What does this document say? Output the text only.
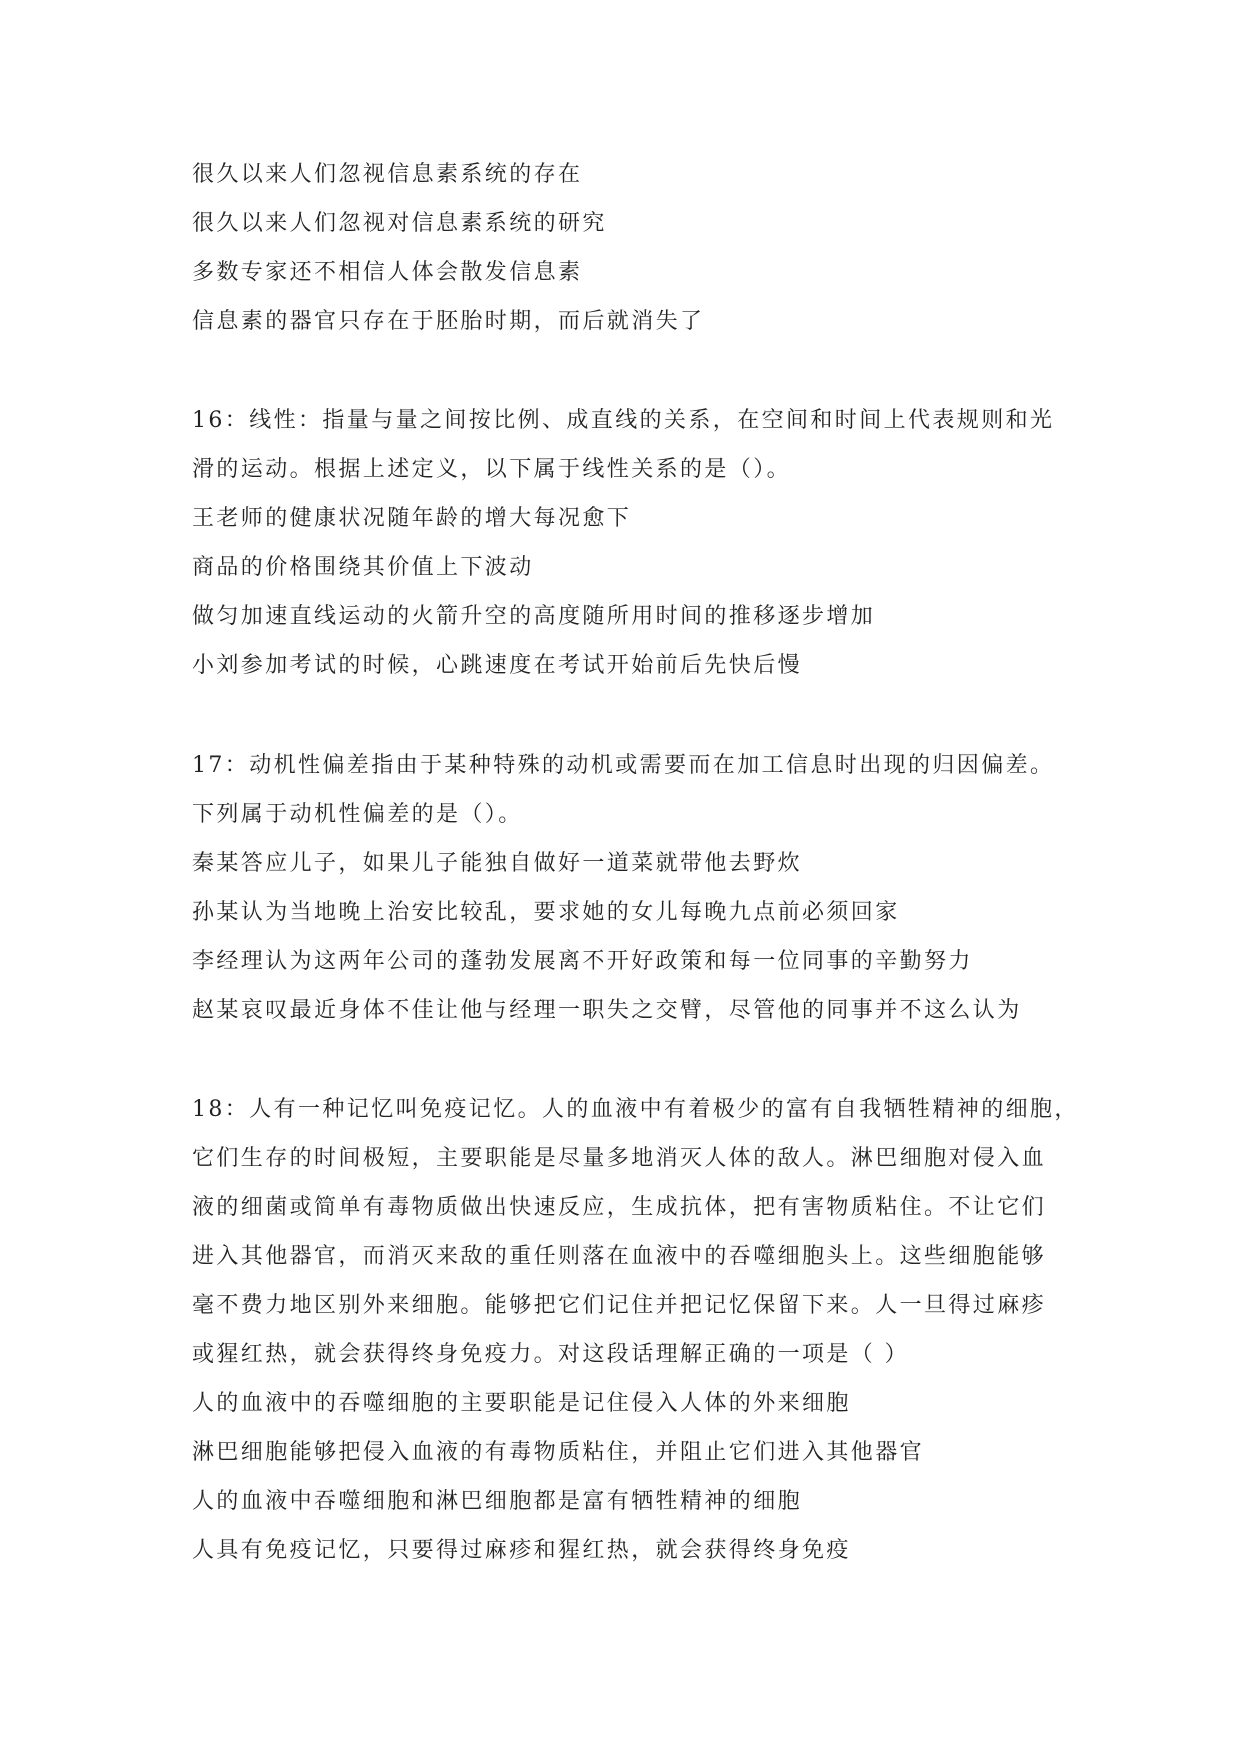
很久以来人们忽视信息素系统的存在
很久以来人们忽视对信息素系统的研究
多数专家还不相信人体会散发信息素
信息素的器官只存在于胚胎时期，而后就消失了
16：线性：指量与量之间按比例、成直线的关系，在空间和时间上代表规则和光
滑的运动。根据上述定义，以下属于线性关系的是（）。
王老师的健康状况随年龄的增大每况愈下
商品的价格围绕其价值上下波动
做匀加速直线运动的火箭升空的高度随所用时间的推移逐步增加
小刘参加考试的时候，心跳速度在考试开始前后先快后慢
17：动机性偏差指由于某种特殊的动机或需要而在加工信息时出现的归因偏差。
下列属于动机性偏差的是（）。
秦某答应儿子，如果儿子能独自做好一道菜就带他去野炊
孙某认为当地晚上治安比较乱，要求她的女儿每晚九点前必须回家
李经理认为这两年公司的蓬勃发展离不开好政策和每一位同事的辛勤努力
赵某哀叹最近身体不佳让他与经理一职失之交臂，尽管他的同事并不这么认为
18：人有一种记忆叫免疫记忆。人的血液中有着极少的富有自我牺牲精神的细胞，
它们生存的时间极短，主要职能是尽量多地消灭人体的敌人。淋巴细胞对侵入血
液的细菌或简单有毒物质做出快速反应，生成抗体，把有害物质粘住。不让它们
进入其他器官，而消灭来敌的重任则落在血液中的吞噬细胞头上。这些细胞能够
毫不费力地区别外来细胞。能够把它们记住并把记忆保留下来。人一旦得过麻疹
或猩红热，就会获得终身免疫力。对这段话理解正确的一项是（ ）
人的血液中的吞噬细胞的主要职能是记住侵入人体的外来细胞
淋巴细胞能够把侵入血液的有毒物质粘住，并阻止它们进入其他器官
人的血液中吞噬细胞和淋巴细胞都是富有牺牲精神的细胞
人具有免疫记忆，只要得过麻疹和猩红热，就会获得终身免疫
